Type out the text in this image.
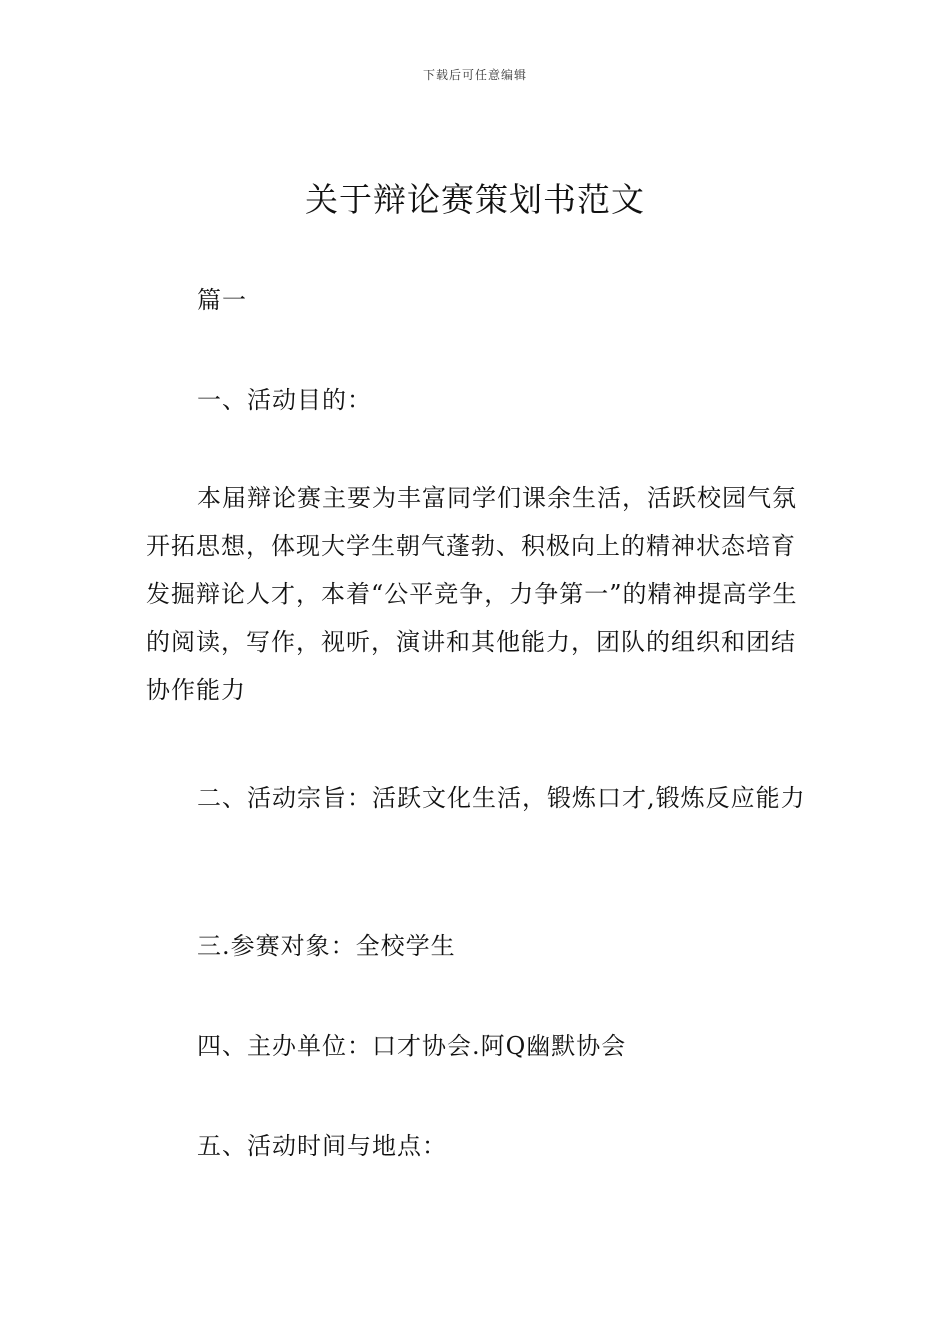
下载后可任意编辑
关于辩论赛策划书范文

篇一

一、活动目的：

本届辩论赛主要为丰富同学们课余生活，活跃校园气氛开拓思想，体现大学生朝气蓬勃、积极向上的精神状态培育发掘辩论人才，本着“公平竞争，力争第一”的精神提高学生的阅读，写作，视听，演讲和其他能力，团队的组织和团结协作能力

二、活动宗旨：活跃文化生活，锻炼口才,锻炼反应能力

三.参赛对象：全校学生

四、主办单位：口才协会.阿Q幽默协会

五、活动时间与地点：
